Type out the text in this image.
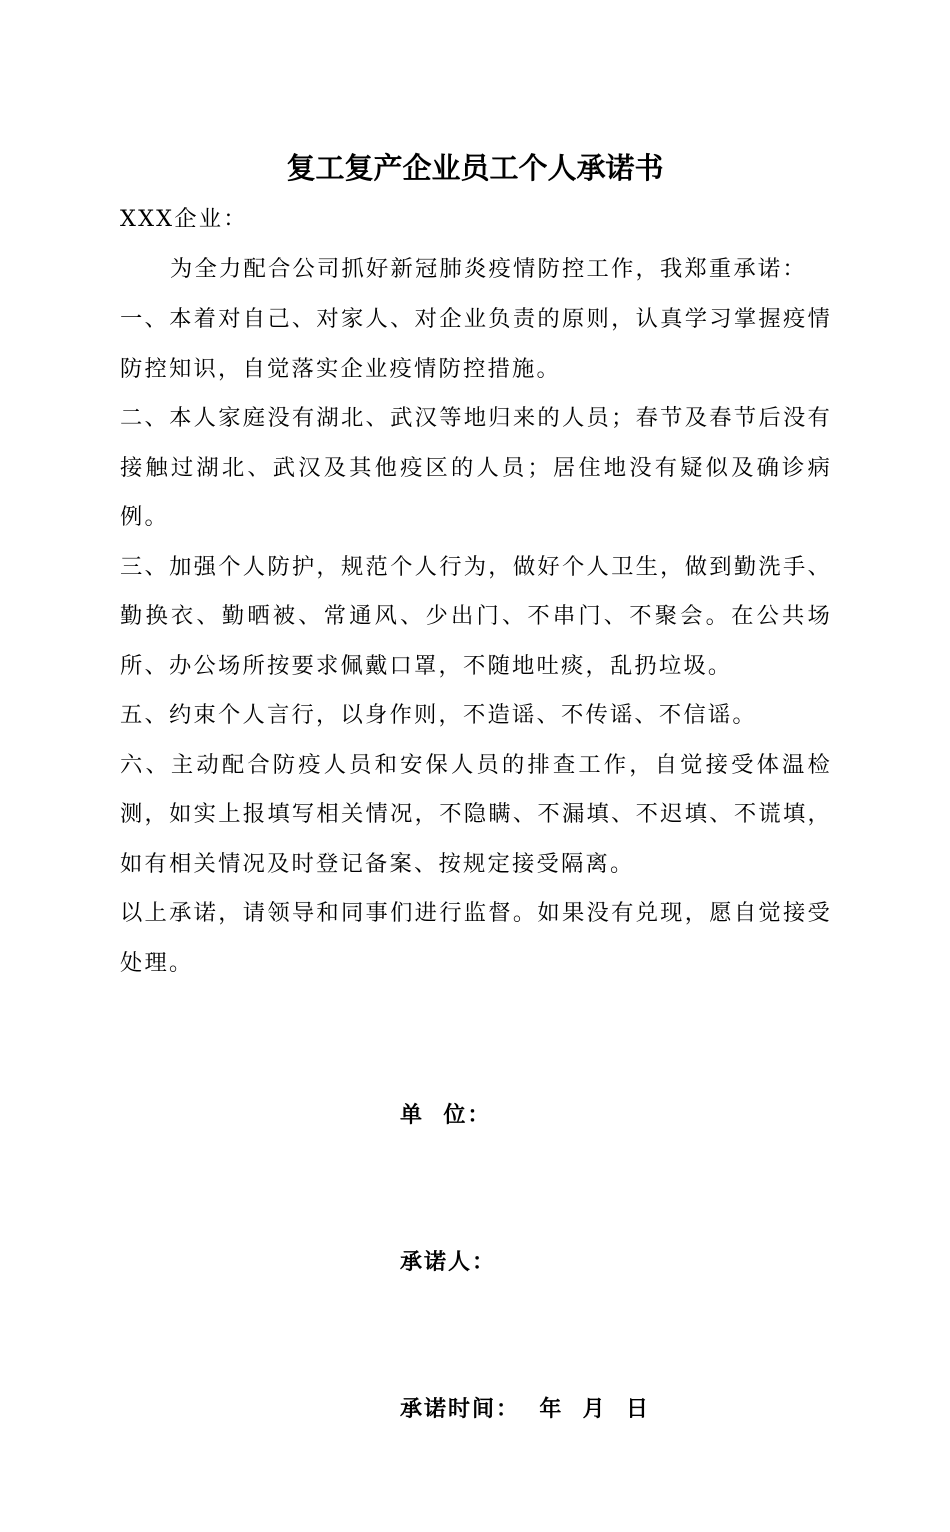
复工复产企业员工个人承诺书
XXX企业：
为全力配合公司抓好新冠肺炎疫情防控工作，我郑重承诺：

一、本着对自己、对家人、对企业负责的原则，认真学习掌握疫情防控知识，自觉落实企业疫情防控措施。

二、本人家庭没有湖北、武汉等地归来的人员；春节及春节后没有接触过湖北、武汉及其他疫区的人员；居住地没有疑似及确诊病例。

三、加强个人防护，规范个人行为，做好个人卫生，做到勤洗手、勤换衣、勤晒被、常通风、少出门、不串门、不聚会。在公共场所、办公场所按要求佩戴口罩，不随地吐痰，乱扔垃圾。

五、约束个人言行，以身作则，不造谣、不传谣、不信谣。

六、主动配合防疫人员和安保人员的排查工作，自觉接受体温检测，如实上报填写相关情况，不隐瞒、不漏填、不迟填、不谎填，如有相关情况及时登记备案、按规定接受隔离。

以上承诺，请领导和同事们进行监督。如果没有兑现，愿自觉接受处理。

单  位：

承诺人：

承诺时间：  年  月  日
